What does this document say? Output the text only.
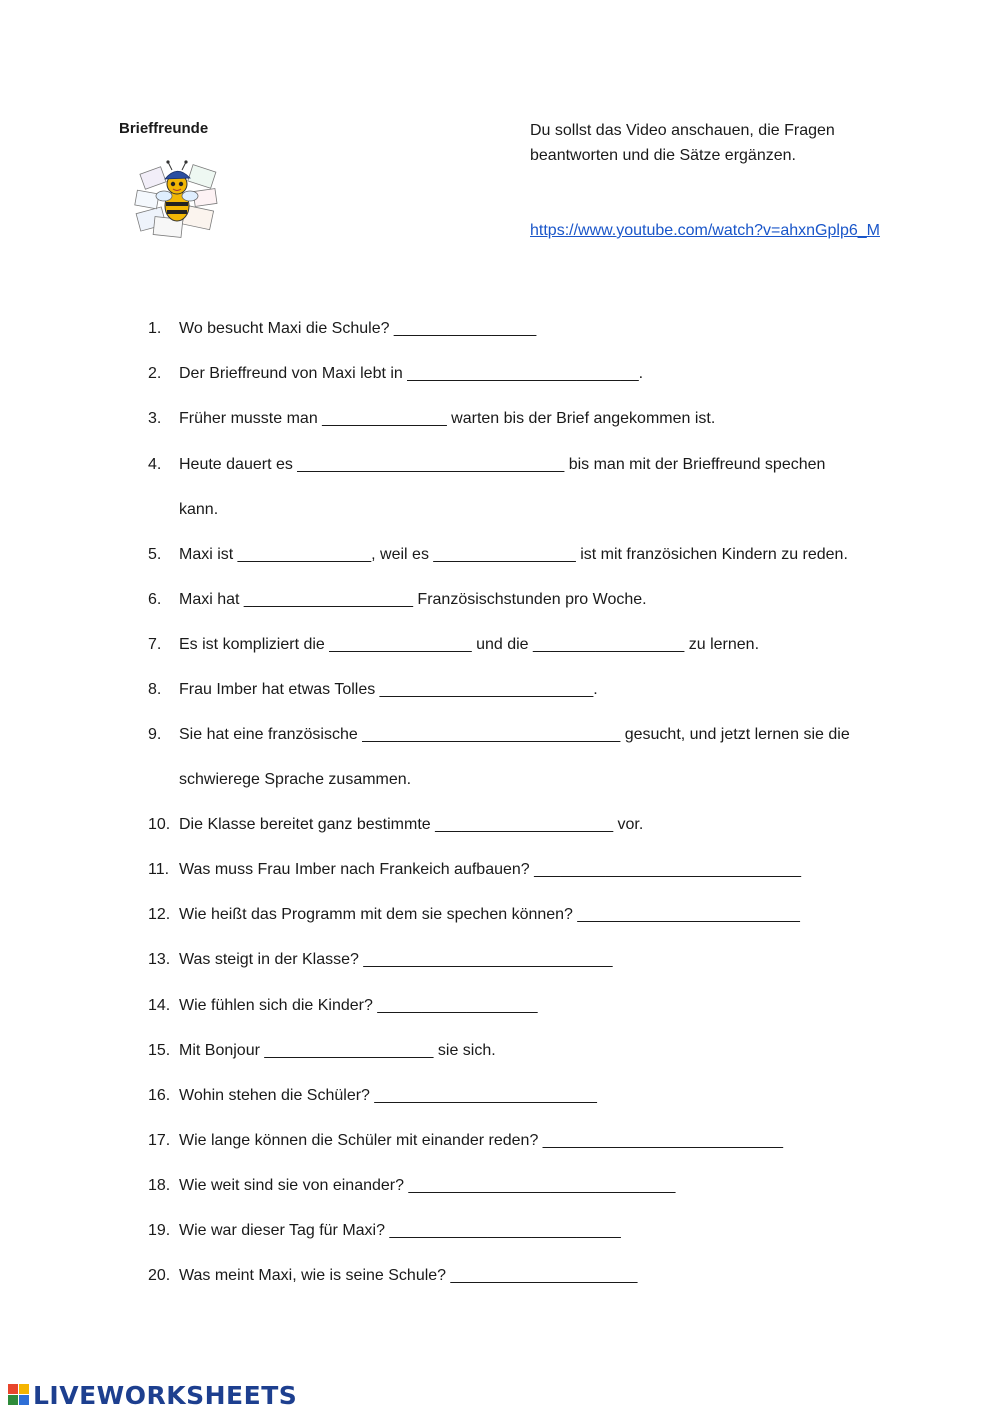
Brieffreunde	Du sollst das Video anschauen, die Fragen beantworten und die Sätze ergänzen.
https://www.youtube.com/watch?v=ahxnGplp6_M
1. Wo besucht Maxi die Schule? ________________
2. Der Brieffreund von Maxi lebt in __________________________.
3. Früher musste man ______________ warten bis der Brief angekommen ist.
4. Heute dauert es ______________________________ bis man mit der Brieffreund spechen
kann.
5. Maxi ist _______________, weil es ________________ ist mit französichen Kindern zu reden.
6. Maxi hat ___________________ Französischstunden pro Woche.
7. Es ist kompliziert die ________________ und die _________________ zu lernen.
8. Frau Imber hat etwas Tolles ________________________.
9. Sie hat eine französische _____________________________ gesucht, und jetzt lernen sie die
schwierege Sprache zusammen.
10. Die Klasse bereitet ganz bestimmte ____________________ vor.
11. Was muss Frau Imber nach Frankeich aufbauen? ______________________________
12. Wie heißt das Programm mit dem sie spechen können? _________________________
13. Was steigt in der Klasse? ____________________________
14. Wie fühlen sich die Kinder? __________________
15. Mit Bonjour ___________________ sie sich.
16. Wohin stehen die Schüler? _________________________
17. Wie lange können die Schüler mit einander reden? ___________________________
18. Wie weit sind sie von einander? ______________________________
19. Wie war dieser Tag für Maxi? __________________________
20. Was meint Maxi, wie is seine Schule? _____________________
LIVEWORKSHEETS
